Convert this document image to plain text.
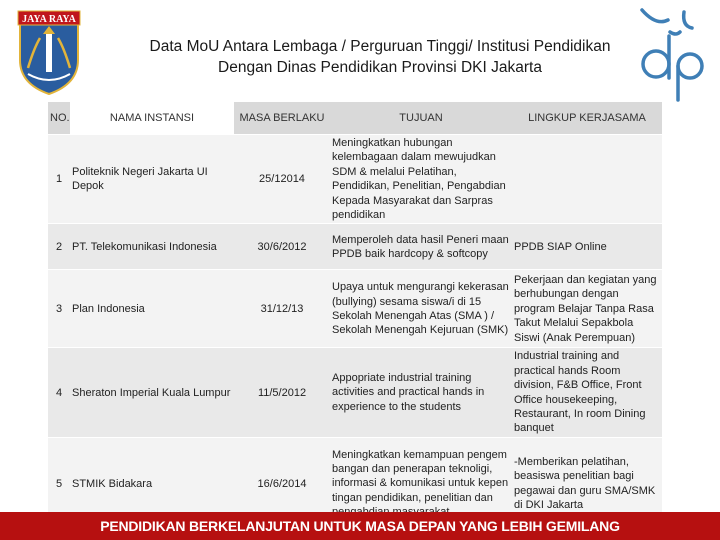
JAYA RAYA
Data MoU Antara Lembaga / Perguruan Tinggi/ Institusi Pendidikan
Dengan Dinas Pendidikan Provinsi DKI Jakarta
NO.	NAMA INSTANSI	MASA BERLAKU	TUJUAN	LINGKUP KERJASAMA
1	Politeknik Negeri Jakarta UI Depok	25/12014	Meningkatkan hubungan kelembagaan dalam mewujudkan SDM & melalui Pelatihan, Pendidikan, Penelitian, Pengabdian Kepada Masyarakat dan Sarpras pendidikan	
2	PT. Telekomunikasi Indonesia	30/6/2012	Memperoleh data hasil Peneri maan PPDB baik hardcopy & softcopy	PPDB SIAP Online
3	Plan Indonesia	31/12/13	Upaya untuk mengurangi kekerasan (bullying) sesama siswa/i di 15 Sekolah Menengah Atas (SMA ) / Sekolah Menengah Kejuruan (SMK)	Pekerjaan dan kegiatan yang berhubungan dengan program Belajar Tanpa Rasa Takut Melalui Sepakbola Siswi (Anak Perempuan)
4	Sheraton Imperial Kuala Lumpur	11/5/2012	Appopriate industrial training activities and practical hands in experience to the students	Industrial training and practical hands Room division, F&B Office, Front Office housekeeping, Restaurant, In room Dining banquet
5	STMIK Bidakara	16/6/2014	Meningkatkan kemampuan pengem bangan dan penerapan teknoligi, informasi & komunikasi untuk kepen tingan pendidikan, penelitian dan	-Memberikan pelatihan, beasiswa penelitian bagi pegawai dan guru SMA/SMK di DKI Jakarta
PENDIDIKAN BERKELANJUTAN UNTUK MASA DEPAN YANG LEBIH GEMILANG
